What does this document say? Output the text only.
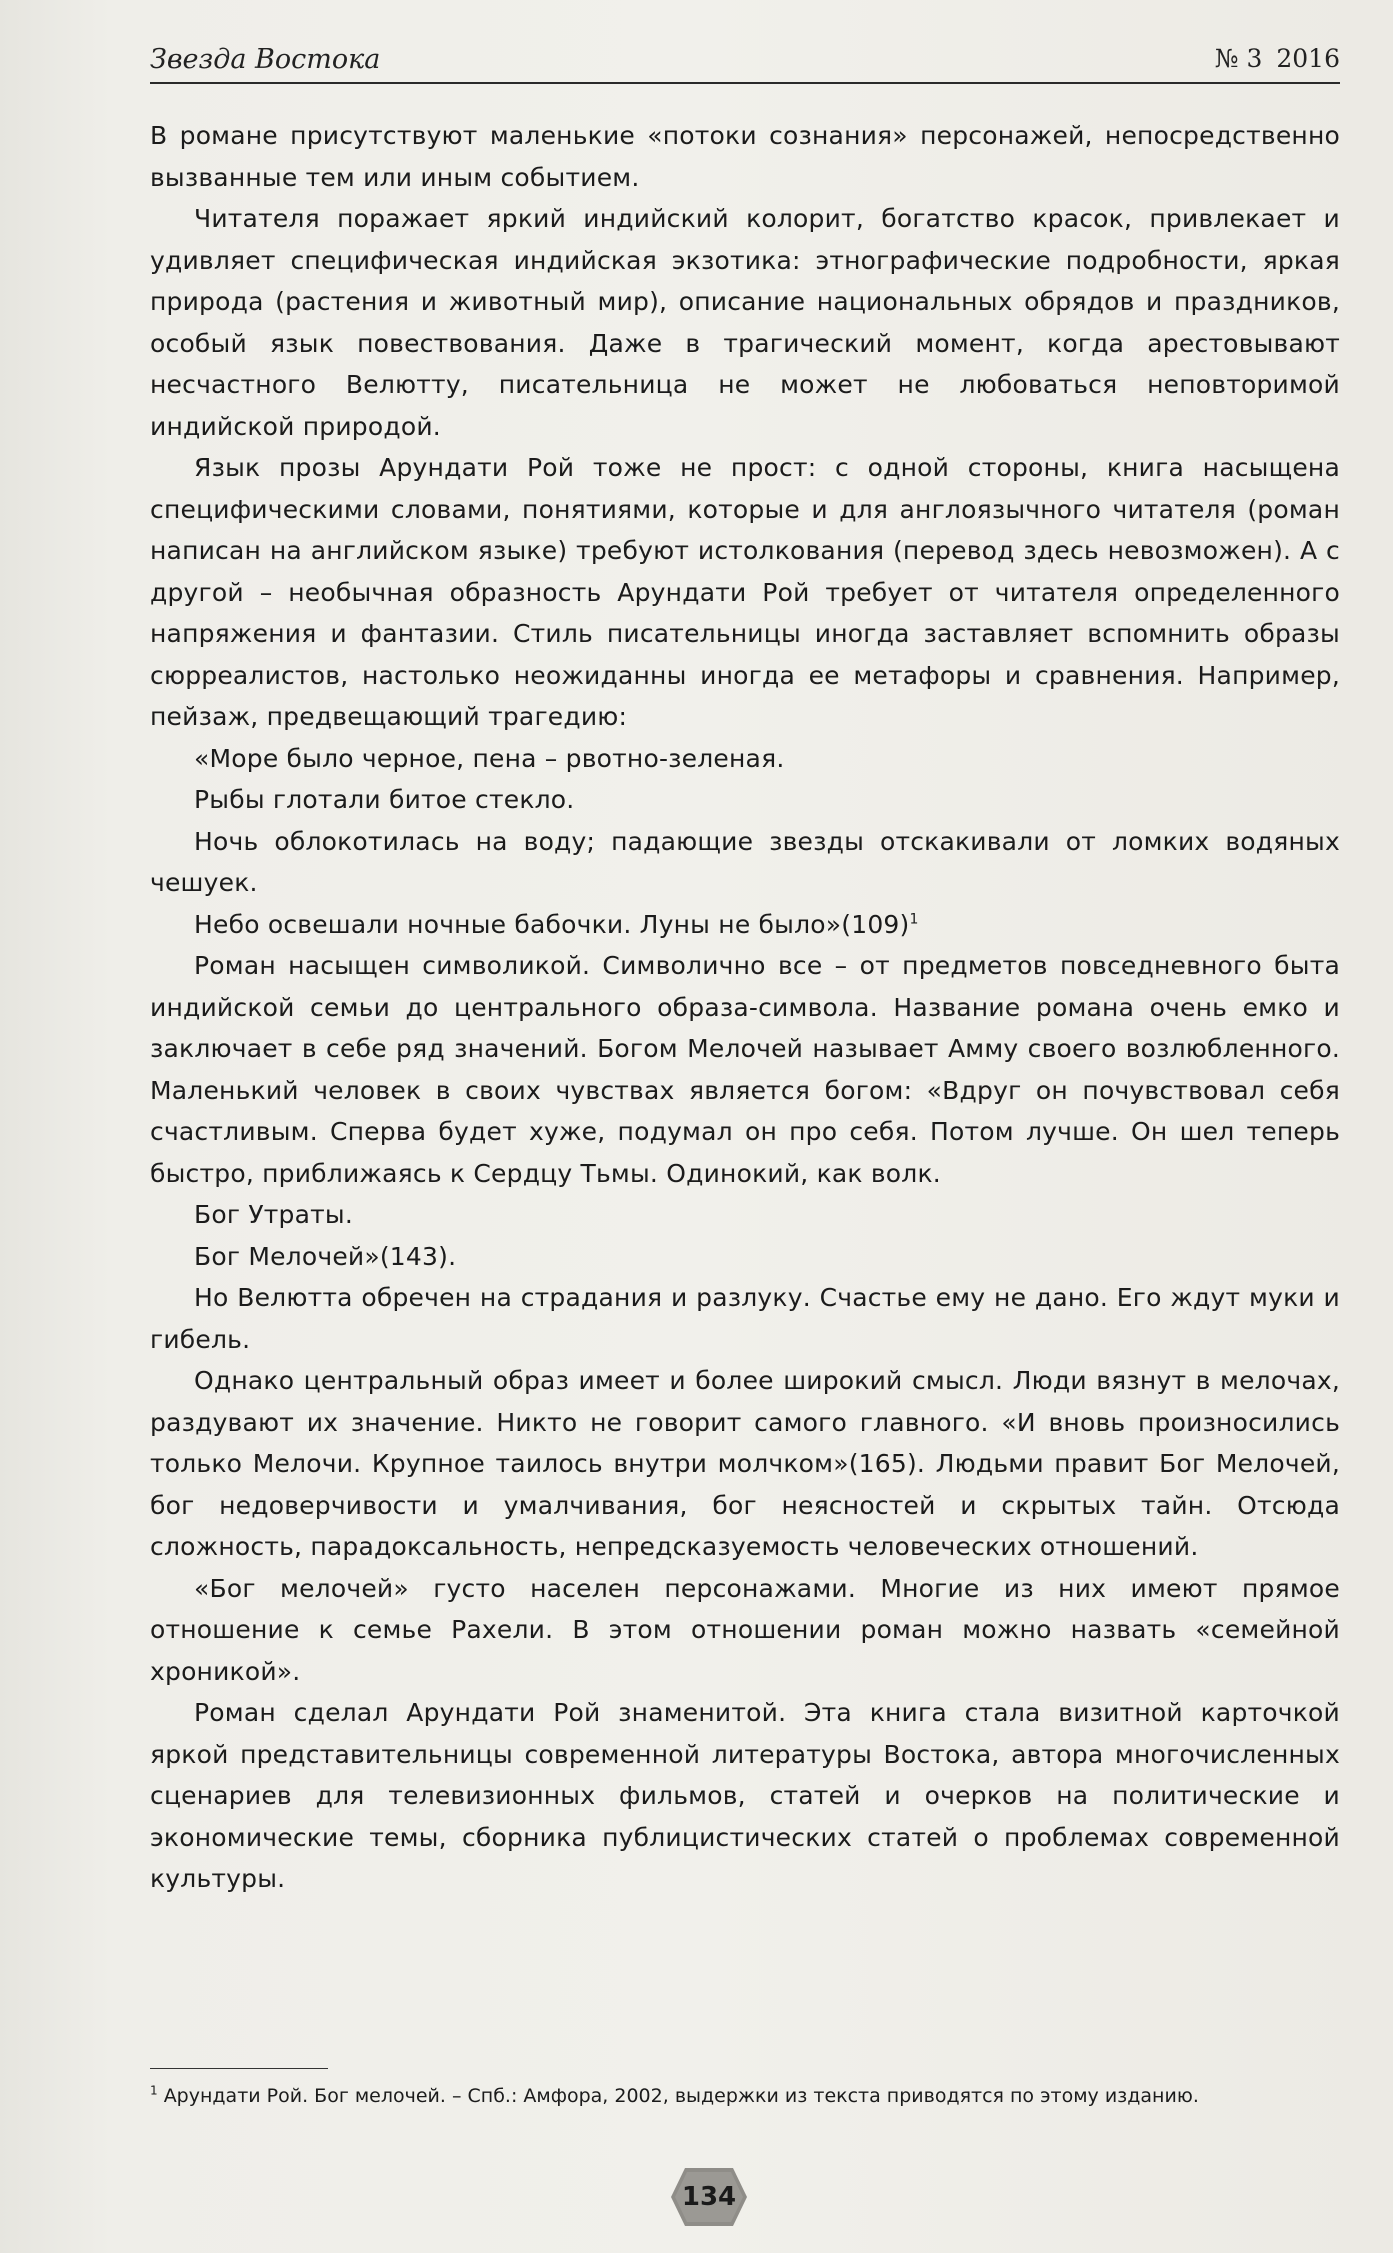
Звезда Востока	№ 3 2016

В романе присутствуют маленькие «потоки сознания» персонажей, непосредственно вызванные тем или иным событием.

Читателя поражает яркий индийский колорит, богатство красок, привлекает и удивляет специфическая индийская экзотика: этнографические подробности, яркая природа (растения и животный мир), описание национальных обрядов и праздников, особый язык повествования. Даже в трагический момент, когда арестовывают несчастного Велютту, писательница не может не любоваться неповторимой индийской природой.

Язык прозы Арундати Рой тоже не прост: с одной стороны, книга насыщена специфическими словами, понятиями, которые и для англоязычного читателя (роман написан на английском языке) требуют истолкования (перевод здесь невозможен). А с другой – необычная образность Арундати Рой требует от читателя определенного напряжения и фантазии. Стиль писательницы иногда заставляет вспомнить образы сюрреалистов, настолько неожиданны иногда ее метафоры и сравнения. Например, пейзаж, предвещающий трагедию:

«Море было черное, пена – рвотно-зеленая.

Рыбы глотали битое стекло.

Ночь облокотилась на воду; падающие звезды отскакивали от ломких водяных чешуек.

Небо освешали ночные бабочки. Луны не $было»(109)^1$

Роман насыщен символикой. Символично все – от предметов повседневного быта индийской семьи до центрального образа-символа. Название романа очень емко и заключает в себе ряд значений. Богом Мелочей называет Амму своего возлюбленного. Маленький человек в своих чувствах является богом: «Вдруг он почувствовал себя счастливым. Сперва будет хуже, подумал он про себя. Потом лучше. Он шел теперь быстро, приближаясь к Сердцу Тьмы. Одинокий, как волк.

Бог Утраты.

Бог Мелочей»(143).

Но Велютта обречен на страдания и разлуку. Счастье ему не дано. Его ждут муки и гибель.

Однако центральный образ имеет и более широкий смысл. Люди вязнут в мелочах, раздувают их значение. Никто не говорит самого главного. «И вновь произносились только Мелочи. Крупное таилось внутри молчком»(165). Людьми правит Бог Мелочей, бог недоверчивости и умалчивания, бог неясностей и скрытых тайн. Отсюда сложность, парадоксальность, непредсказуемость человеческих отношений.

«Бог мелочей» густо населен персонажами. Многие из них имеют прямое отношение к семье Рахели. В этом отношении роман можно назвать «семейной хроникой».

Роман сделал Арундати Рой знаменитой. Эта книга стала визитной карточкой яркой представительницы современной литературы Востока, автора многочисленных сценариев для телевизионных фильмов, статей и очерков на политические и экономические темы, сборника публицистических статей о проблемах современной культуры.

$^1$ Арундати Рой. Бог мелочей. – Спб.: Амфора, 2002, выдержки из текста приводятся по этому изданию.
134
